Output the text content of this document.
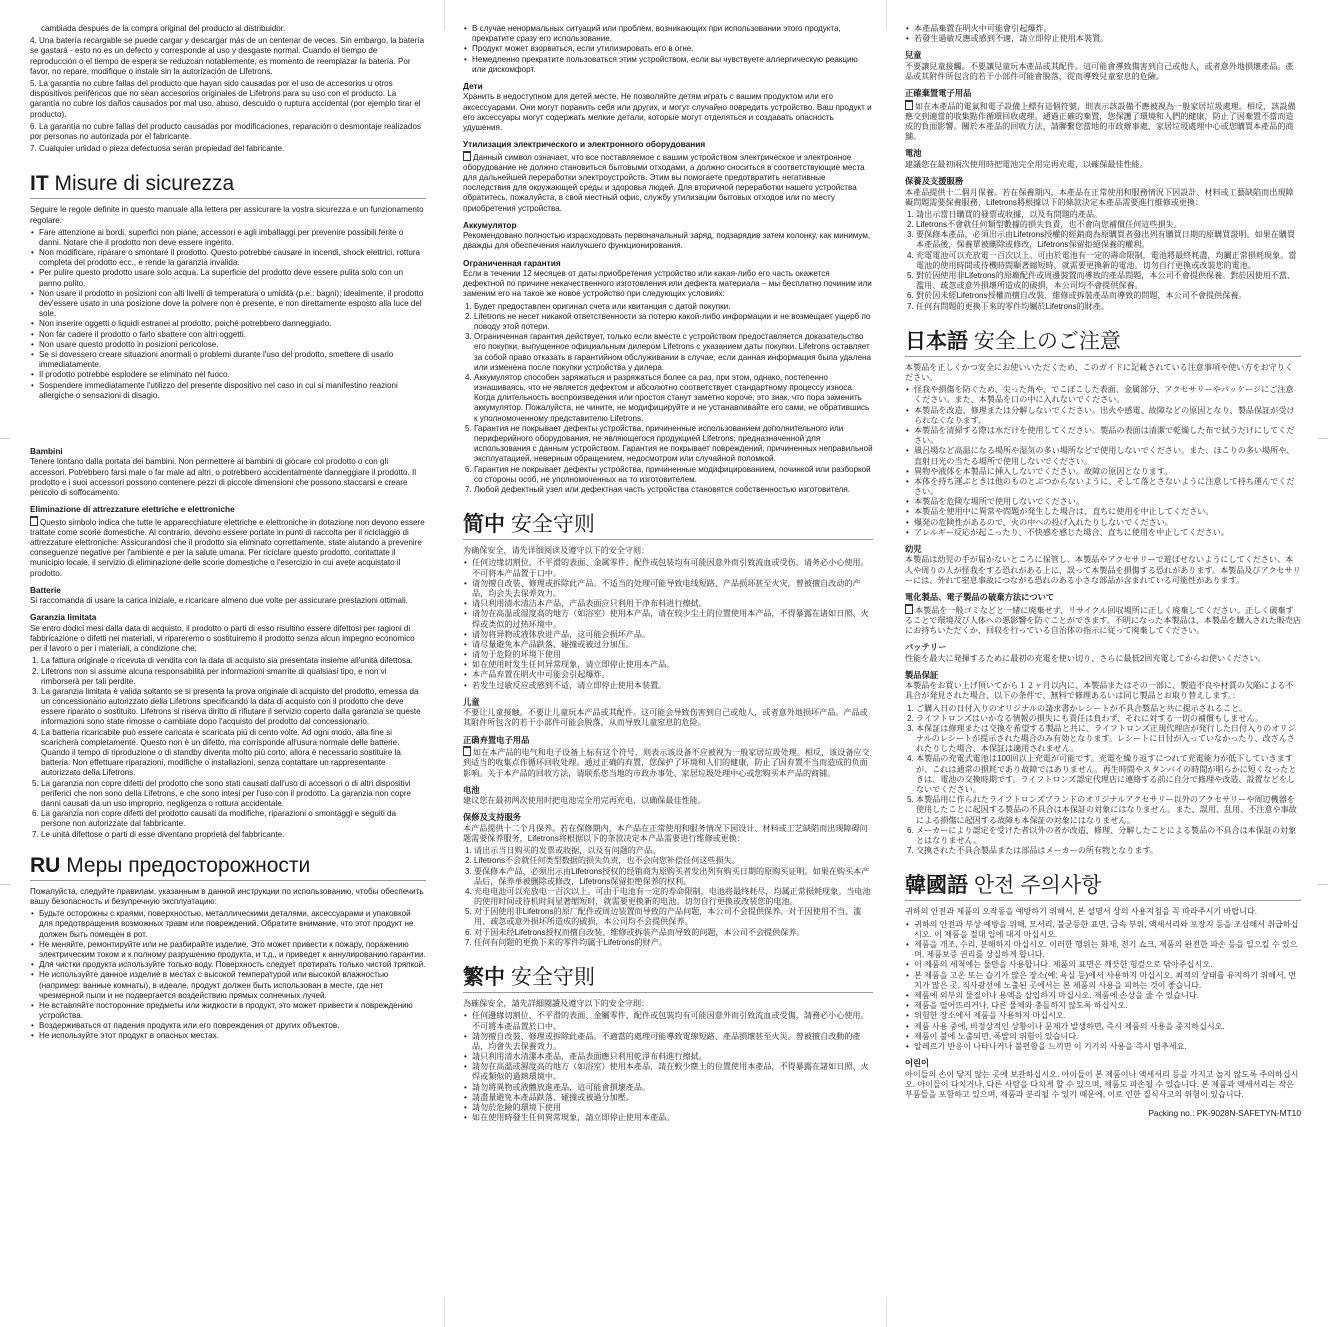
cambiada después de la compra original del producto al distribuidor.

4. Una batería recargable se puede cargar y descargar más de un centenar de veces. Sin embargo, la batería se gastará - esto no es un defecto y corresponde al uso y desgaste normal. Cuando el tiempo de reproducción o el tiempo de espera se reduzcan notablemente, es momento de reemplazar la batería. Por favor, no repare, modifique o instale sin la autorización de Lifetrons.

5. La garantía no cubre fallas del producto que hayan sido causadas por el uso de accesorios u otros dispositivos periféricos que no sean accesorios originales de Lifetrons para su uso con el producto. La garantía no cubre los daños causados por mal uso, abuso, descuido o ruptura accidental (por ejemplo tirar el producto).

6. La garantía no cubre fallas del producto causadas por modificaciones, reparación o desmontaje realizados por personas no autorizada por el fabricante.

7. Cualquier unidad o pieza defectuosa serán propiedad del fabricante.

IT Misure di sicurezza

Seguire le regole definite in questo manuale alla lettera per assicurare la vostra sicurezza e un funzionamento regolare:

• Fare attenzione ai bordi, superfici non piane, accessori e agli imballaggi per prevenire possibili ferite o danni. Notare che il prodotto non deve essere ingerito.
• Non modificare, riparare o smontare il prodotto. Questo potrebbe causare in incendi, shock elettrici, rottura completa del prodotto ecc., e rende la garanzia invalida.
• Per pulire questo prodotto usare solo acqua. La superficie del prodotto deve essere pulita solo con un panno pulito.
• Non usare il prodotto in posizioni con alti livelli di temperatura o umidità (p.e.: bagni); idealmente, il prodotto dev'essere usato in una posizione dove la polvere non è presente, e non direttamente esposto alla luce del sole.
• Non inserire oggetti o liquidi estranei al prodotto, poiché potrebbero danneggiarlo.
• Non far cadere il prodotto o farlo sbattere con altri oggetti.
• Non usare questo prodotto in posizioni pericolose.
• Se si dovessero creare situazioni anormali o problemi durante l'uso del prodotto, smettere di usarlo immediatamente.
• Il prodotto potrebbe esplodere se eliminato nel fuoco.
• Sospendere immediatamente l'utilizzo del presente dispositivo nel caso in cui si manifestino reazioni allergiche o sensazioni di disagio.
Bambini

Tenere lontano dalla portata dei bambini. Non permettere ai bambini di giocare col prodotto o con gli accessori. Potrebbero farsi male o far male ad altri, o potrebbero accidentalmente danneggiare il prodotto. Il prodotto e i suoi accessori possono contenere pezzi di piccole dimensioni che possono staccarsi e creare pericolo di soffocamento.

Eliminazione di attrezzature elettriche e elettroniche

Questo simbolo indica che tutte le apparecchiature elettriche e elettroniche in dotazione non devono essere trattate come scorie domestiche. Al contrario, devono essere portate in punti di raccolta per il riciclaggio di attrezzature elettroniche. Assicurandosi che il prodotto sia eliminato correttamente, state aiutando a prevenire conseguenze negative per l'ambiente e per la salute umana. Per riciclare questo prodotto, contattate il municipio locale, il servizio di eliminazione delle scorie domestiche o l'esercizio in cui avete acquistato il prodotto.

Batterie

Si raccomanda di usare la carica iniziale, e ricaricare almeno due volte per assicurare prestazioni ottimali.

Garanzia limitata

Se entro dodici mesi dalla data di acquisto, il prodotto o parti di esso risultino essere difettosi per ragioni di fabbricazione o difetti nei materiali, vi ripareremo o sostituiremo il prodotto senza alcun impegno economico per il lavoro o per i materiali, a condizione che:

1. La fattura originale o ricevuta di vendita con la data di acquisto sia presentata insieme all'unità difettosa.
2. Lifetrons non si assume alcuna responsabilità per informazioni smarrite di qualsiasi tipo, e non vi rimborserà per tali perdite.
3. La garanzia limitata è valida soltanto se si presenta la prova originale di acquisto del prodotto, emessa da un concessionario autorizzato della Lifetrons specificando la data di acquisto con il prodotto che deve essere riparato o sostituito. Lifetrons si riserva diritto di rifiutare il servizio coperto dalla garanzia se queste informazioni sono state rimosse o cambiate dopo l'acquisto del prodotto dal concessionario.
4. La batteria ricaricabile può essere caricata e scaricata più di cento volte. Ad ogni modo, alla fine si scaricherà completamente. Questo non è un difetto, ma corrisponde all'usura normale delle batterie. Quando il tempo di riproduzione o di standby diventa molto più corto, allora è necessario sostituire la batteria. Non effettuare riparazioni, modifiche o installazioni, senza contattare un rappresentante autorizzato della Lifetrons.
5. La garanzia non copre difetti del prodotto che sono stati causati dall'uso di accessori o di altri dispositivi periferici che non sono della Lifetrons, e che sono intesi per l'uso con il prodotto. La garanzia non copre danni causati da un uso improprio, negligenza o rottura accidentale.
6. La garanzia non copre difetti del prodotto causati da modifiche, riparazioni o smontaggi e seguiti da persone non autorizzate dal fabbricante.
7. Le unità difettose o parti di esse diventano proprietà del fabbricante.
RU Меры предосторожности

Пожалуйста, следуйте правилам, указанным в данной инструкции по использованию, чтобы обеспечить вашу безопасность и безупречную эксплуатацию:

• Будьте осторожны с краями, поверхностью, металлическими деталями, аксессуарами и упаковкой для предотвращения возможных травм или повреждений. Обратите внимание, что этот продукт не должен быть помещен в рот.
• Не меняйте, ремонтируйте или не разбирайте изделие. Это может привести к пожару, поражению электрическим током и к полному разрушению продукта, и т.д., и приведет к аннулированию гарантии.
• Для чистки продукта используйте только воду. Поверхность следует протирать только чистой тряпкой.
• Не используйте данное изделие в местах с высокой температурой или высокой влажностью (например: ванные комнаты), в идеале, продукт должен быть использован в месте, где нет чрезмерной пыли и не подвергается воздействию прямых солнечных лучей.
• Не вставляйте посторонние предметы или жидкости в продукт, это может привести к повреждению устройства.
• Воздерживаться от падения продукта или его повреждения от других объектов.
• Не используйте этот продукт в опасных местах.
• В случае ненормальных ситуаций или проблем, возникающих при использовании этого продукта, прекратите сразу его использование.
• Продукт может взорваться, если утилизировать его в огне.
• Немедленно прекратите пользоваться этим устройством, если вы чувствуете аллергическую реакцию или дискомфорт.
Дети

Хранить в недоступном для детей месте. Не позволяйте детям играть с вашим продуктом или его аксессуарами. Они могут поранить себя или других, и могут случайно повредить устройство. Ваш продукт и его аксессуары могут содержать мелкие детали, которые могут отделяться и создавать опасность удушения.

Утилизация электрического и электронного оборудования

Данный символ означает, что все поставляемое с вашим устройством электрическое и электронное оборудование не должно становиться бытовыми отходами, а должно сноситься в соответствующие места для дальнейшей переработки электроустройств. Этим вы помогаете предотвратить негативные последствия для окружающей среды и здоровья людей. Для вторичной переработки нашего устройства обратитесь, пожалуйста, в свой местный офис, службу утилизации бытовых отходов или по месту приобретения устройства.

Аккумулятор

Рекомендовано полностью израсходовать первоначальный заряд, подзарядив затем колонку, как минимум, дважды для обеспечения наилучшего функционирования.

Ограниченная гарантия

Если в течении 12 месяцев от даты приобретения устройство или какая-либо его часть окажется дефектной по причине некачественного изготовления или дефекта материала – мы бесплатно починим или заменим его на такое же новое устройство при следующих условиях:

1. Будет предоставлен оригинал счета или квитанция с датой покупки.
2. Lifetrons не несет никакой ответственности за потерю какой-либо информации и не возмещает ущерб по поводу этой потери.
3. Ограниченная гарантия действует, только если вместе с устройством предоставляется доказательство его покупки, выпущенное официальным дилером Lifetrons с указанием даты покупки. Lifetrons оставляет за собой право отказать в гарантийном обслуживании в случае, если данная информация была удалена или изменена после покупки устройства у дилера.
4. Аккумулятор способен заряжаться и разряжаться более са раз, при этом, однако, постепенно изнашиваясь, что не является дефектом и абсолютно соответствует стандартному процессу износа. Когда длительность воспроизведения или простоя станут заметно короче, это знак, что пора заменить аккумулятор. Пожалуйста, не чините, не модифицируйте и не устанавливайте его сами, не обратившись к уполномоченному представителю Lifetrons.
5. Гарантия не покрывает дефекты устройства, причиненные использованием дополнительного или периферийного оборудования, не являющегося продукцией Lifetrons, предназначенной для использования с данным устройством. Гарантия не покрывает повреждений, причиненных неправильной эксплуатацией, неверным обращением, недосмотром или случайной поломкой.
6. Гарантия не покрывает дефекты устройства, причиненные модифицированием, починкой или разборкой со стороны особ, не уполномоченных на то изготовителем.
7. Любой дефектный узел или дефектная часть устройства становятся собственностью изготовителя.
简中 安全守则

为确保安全，请先详细阅读及遵守以下的安全守则：

• 任何边缘切割位、不平滑的表面、金属零件、配件或包装均有可能因意外而引致流血或受伤，请务必小心使用。不可将本产品置于口中。
• 请勿擅自改装、修理或拆除此产品。不适当的处理可能导致电线短路、产品损坏甚至火灾。曾被擅自改动的产品，均会失去保养效力。
• 请只利用清水清洁本产品，产品表面应只利用干净布料进行擦拭。
• 请勿在高温或湿度高的地方（如浴室）使用本产品，请在较少尘土的位置使用本产品，不得暴露在诸如日照、火焊或类似的过热环境中。
• 请勿将异物或液体放进产品，这可能会损坏产品。
• 请尽量避免本产品跌落、碰撞或被过分加压。
• 请勿于危险的环境下使用
• 如在使用时发生任何异常现象，请立即停止使用本产品。
• 本产品弃置在明火中可能会引起爆炸。
• 若发生过敏反应或感到不适，请立即停止使用本装置。
儿童

不要让儿童接触。不要让儿童玩本产品或其配件。这可能会导致伤害到自己或他人，或者意外地损坏产品。产品或其附件所包含的若干小部件可能会脱落，从而导致儿童窒息的危险。

正确弃置电子用品

如在本产品的电气和电子设备上标有这个符号，则表示该设备不应被视为一般家居垃圾处理。相反，该设备应交到适当的收集点作循环回收处理。通过正确的弃置，您保护了环境和人们的健康，防止了因弃置不当而造成的负面影响。关于本产品的回收方法，请联系您当地的市政办事处、家居垃圾处理中心或您购买本产品的商铺。

电池

建议您在最初两次使用时把电池完全用完再充电，以确保最佳性能。

保修及支持服务

本产品提供十二个月保养。若在保修期内，本产品在正常使用和服务情况下因设计、材料或工艺缺陷而出现障碍问题需要保养服务，Lifetrons将根据以下的条款决定本产品需要进行维修或更换：

1. 请出示当日购买的发票或收据，以及有问题的产品。
2. Lifetrons不会就任何类型数据的损失负责，也不会向您补偿任何这些损失。
3. 要保修本产品，必须出示由Lifetrons授权的经销商为原购买者发出列有购买日期的原购买证明。如果在购买本产品后，保养单被删除或修改，Lifetrons保留拒绝保养的权利。
4. 充电电池可以充放电一百次以上。可由于电池有一定的寿命限制，电池将最终耗尽，均属正常损耗现象。当电池的使用时间或待机时间显著缩短时，就需要更换新的电池。切勿自行更换或改装您的电池。
5. 对于因使用非Lifetrons的原厂配件或周边装置而导致的产品问题，本公司不会提供保养。对于因使用不当、滥用、疏忽或意外损坏所造成的破损，本公司均不会提供保养。
6. 对于因未经Lifetrons授权而擅自改装、维修或拆装产品而导致的问题，本公司不会提供保养。
7. 任何有问题的更换下来的零件均属于Lifetrons的财产。
繁中 安全守則

為確保安全，請先詳細閱讀及遵守以下的安全守則：

• 任何邊緣切割位、不平滑的表面、金屬零件、配件或包裝均有可能因意外而引致流血或受傷，請務必小心使用。不可將本產品置於口中。
• 請勿擅自改裝、修理或拆除此產品。不適當的處理可能導致電線短路、產品損壞甚至火災。曾被擅自改動的產品，均會失去保養效力。
• 請只利用清水清潔本產品，產品表面應只利用乾淨布料進行擦拭。
• 請勿在高溫或濕度高的地方（如浴室）使用本產品，請在較少塵土的位置使用本產品，不得暴露在諸如日照、火焊或類似的過熱環境中。
• 請勿將異物或液體放進產品，這可能會損壞產品。
• 請盡量避免本產品跌落、碰撞或被過分加壓。
• 請勿於危險的環境下使用
• 如在使用時發生任何異常現象，請立即停止使用本產品。
• 本產品棄置在明火中可能會引起爆炸。
• 若發生過敏反應或感到不適，請立即停止使用本裝置。
兒童

不要讓兒童接觸。不要讓兒童玩本產品或其配件。這可能會導致傷害到自己或他人，或者意外地損壞產品。產品或其附件所包含的若干小部件可能會脫落，從而導致兒童窒息的危險。

正確棄置電子用品

如在本產品的電氣和電子設備上標有這個符號，則表示該設備不應被視為一般家居垃圾處理。相反，該設備應交到適當的收集點作循環回收處理。通過正確的棄置，您保護了環境和人們的健康，防止了因棄置不當而造成的負面影響。關於本產品的回收方法，請聯繫您當地的市政辦事處、家居垃圾處理中心或您購買本產品的商舖。

電池

建議您在最初兩次使用時把電池完全用完再充電，以確保最佳性能。

保養及支援服務

本產品提供十二個月保養。若在保養期內，本產品在正常使用和服務情況下因設計、材料或工藝缺陷而出現障礙問題需要保養服務，Lifetrons將根據以下的條款決定本產品需要進行維修或更換：

1. 請出示當日購買的發票或收據，以及有問題的產品。
2. Lifetrons不會就任何類型數據的損失負責，也不會向您補償任何這些損失。
3. 要保修本產品，必須出示由Lifetrons授權的經銷商為原購買者發出列有購買日期的原購買證明。如果在購買本產品後，保養單被刪除或修改，Lifetrons保留拒絕保養的權利。
4. 充電電池可以充放電一百次以上。可由於電池有一定的壽命限制，電池將最終耗盡，均屬正常損耗現象。當電池的使用時間或待機時間顯著縮短時，就需要更換新的電池。切勿自行更換或改裝您的電池。
5. 對於因使用非Lifetrons的原廠配件或周邊裝置而導致的產品問題，本公司不會提供保養。對於因使用不當、濫用、疏忽或意外損壞所造成的破損，本公司均不會提供保養。
6. 對於因未經Lifetrons授權而擅自改裝、維修或拆裝產品而導致的問題，本公司不會提供保養。
7. 任何有問題的更換下來的零件均屬於Lifetrons的財產。
日本語 安全上のご注意

本製品を正しくかつ安全にお使いいただくため、このガイドに記載されている注意事項や使い方をお守りください。

• 怪我や損傷を防ぐため、尖った角や、でこぼこした表面、金属部分、アクセサリーやパッケージにご注意ください。また、本製品を口の中に入れないでください。
• 本製品を改造、修理または分解しないでください。出火や感電、故障などの原因となり、製品保証が受けられなくなります。
• 本製品を清掃する際は水だけを使用してください。製品の表面は清潔で乾燥した布で拭うだけにしてください。
• 風呂場など高温になる場所や湿気の多い場所などで使用しないでください。また、ほこりの多い場所や、直射日光の当たる場所で使用しないでください。
• 異物や液体を本製品に挿入しないでください。故障の原因となります。
• 本体を持ち運ぶときは他のものとぶつからないように、そして落とさないように注意して持ち運んでください。
• 本製品を危険な場所で使用しないでください。
• 本製品を使用中に異常や問題が発生した場合は、直ちに使用を中止してください。
• 爆発の危険性があるので、火の中への投げ入れたりしないでください。
• アレルギー反応が起こったり、不快感を感じた場合、直ちに使用を中止してください。
幼児

本製品は幼児の手が届かないところに保管し、本製品やアクセサリーで遊ばせないようにしてください。本人や周りの人が怪我をする恐れがある上に、誤って本製品を損傷する恐れがあります。本製品及びアクセサリーには、外れて窒息事故につながる恐れのある小さな部品が含まれている可能性があります。

電化製品、電子製品の破棄方法について

本製品を一般ゴミなどと一緒に廃棄せず、リサイクル回収場所に正しく廃棄してください。正しく破棄することで環境及び人体への悪影響を防ぐことができます。不明になった本製品は、本製品を購入された販売店にお持ちいただくか、回収を行っている自治体の指示に従って廃棄してください。

バッテリー

性能を最大に発揮するために最初の充電を使い切り、さらに最低2回充電してからお使いください。

製品保証

本製品をお買い上げ頂いてから１２ヶ月以内に、本製品またはその一部に、製造不良や材質の欠陥による不具合が発見された場合、以下の条件で、無料で修理あるいは同じ製品とお取り替えします。：

1. ご購入日の日付入りのオリジナルの請求書かレシートが不具合製品と共に提示されること。
2. ライフトロンズはいかなる情報の損失にも責任は負わず、それに対する一切の補償もしません。
3. 本保証は修理または交換を希望する製品と共に、ライフトロンズ正規代理店が発行した日付入りのオリジナルのレシートが提示された場合のみ有効となります。レシートに日付が入っていなかったり、改ざんされたりした場合、本保証は適用されません。
4. 本製品の充電式電池は100回以上充電が可能です。充電を繰り返すにつれて充電能力が低下していきますが、これは通常の損耗であり故障ではありません。再生時間やスタンバイの時間が明らかに短くなったときは、電池の交換時期です。ライフトロンズ認定代理店に連絡する前に自分で修理や改造、設置などをしないでください。
5. 本製品用に作られたライフトロンズブランドのオリジナルアクセサリー以外のアクセサリーや周辺機器を使用したことに起因する製品の不具合は本保証の対象にはなりません。また、誤用、乱用、不注意や事故による損傷に起因する故障も本保証の対象にはなりません。
6. メーカーにより認定を受けた者以外の者が改造、修理、分解したことによる製品の不具合は本保証の対象とはなりません。
7. 交換された不具合製品または部品はメーカーの所有物となります。
韓國語 안전 주의사항

귀하의 안전과 제품의 오작동을 예방하기 위해서, 본 설명서 상의 사용지침을 꼭 따라주시기 바랍니다.

• 귀하의 안전과 부상 예방을 위해, 모서리, 불균등한 표면, 금속 부위, 액세서리와 포장지 등을 조심해서 취급하십시오. 이 제품을 절대 입에 대지 마십시오.
• 제품을 개조, 수리, 분해하지 마십시오. 이러한 행위는 화재, 전기 쇼크, 제품의 완전한 파손 등을 일으킬 수 있으며, 제품보증 권리를 상실하게 합니다.
• 이 제품의 세척에는 물만을 사용합니다. 제품의 표면은 깨끗한 헝겊으로 닦아주십시오.
• 본 제품을 고온 또는 습기가 많은 장소(예: 욕실 등)에서 사용하지 마십시오. 최적의 상태를 유지하기 위해서, 먼지가 많은 곳, 직사광선에 노출된 곳에서는 본 제품의 사용을 피하는 것이 좋습니다.
• 제품에 외부의 물질이나 용액을 삽입하지 마십시오. 제품에 손상을 줄 수 있습니다.
• 제품을 떨어뜨리거나, 다른 물체와 충돌하지 않도록 하십시오.
• 위험한 장소에서 제품을 사용하지 마십시오.
• 제품 사용 중에, 비정상적인 상황이나 문제가 발생하면, 즉시 제품의 사용을 중지하십시오.
• 제품이 불에 노출되면, 폭발의 위험이 있습니다.
• 알레르기 반응이 나타나거나 불편함을 느끼면 이 기기의 사용을 즉시 멈추세요.
어린이

아이들의 손이 닿지 않는 곳에 보관하십시오. 아이들이 본 제품이나 액세서리 등을 가지고 놀지 않도록 주의하십시오. 아이들이 다치거나, 다른 사람을 다치게 할 수 있으며, 제품도 파손될 수 있습니다. 본 제품과 액세서리는 작은 부품들을 포함하고 있으며, 제품과 분리될 수 있기 때문에, 이로 인한 질식사고의 위험이 있습니다.

Packing no.: PK-9028N-SAFETYN-MT10
